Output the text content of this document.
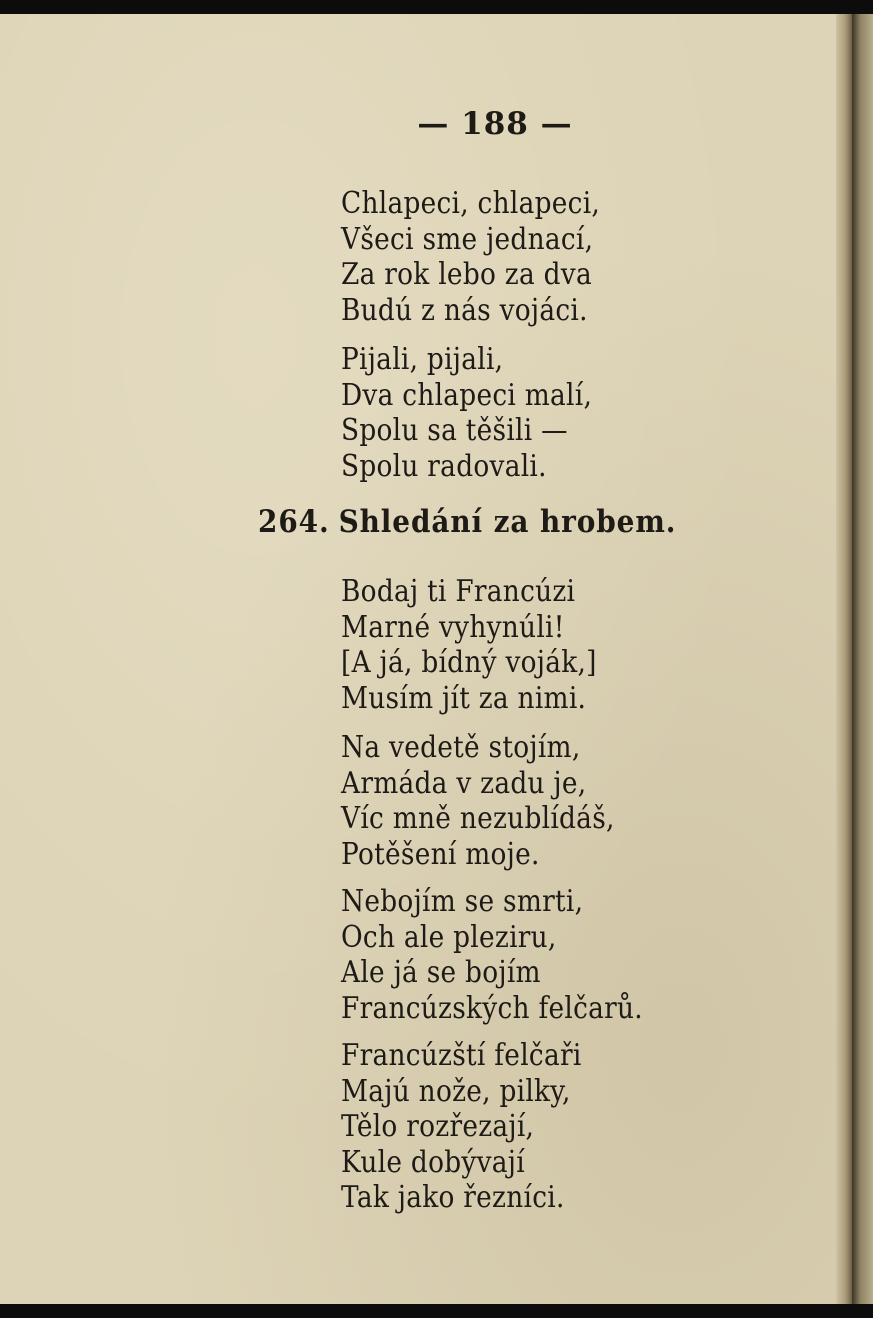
— 188 —
Chlapeci, chlapeci,
Všeci sme jednací,
Za rok lebo za dva
Budú z nás vojáci.
Pijali, pijali,
Dva chlapeci malí,
Spolu sa těšili —
Spolu radovali.
264. Shledání za hrobem.
Bodaj ti Francúzi
Marné vyhynúli!
[A já, bídný voják,]
Musím jít za nimi.
Na vedetě stojím,
Armáda v zadu je,
Víc mně nezublídáš,
Potěšení moje.
Nebojím se smrti,
Och ale pleziru,
Ale já se bojím
Francúzských felčarů.
Francúzští felčaři
Majú nože, pilky,
Tělo rozřezají,
Kule dobývají
Tak jako řezníci.
